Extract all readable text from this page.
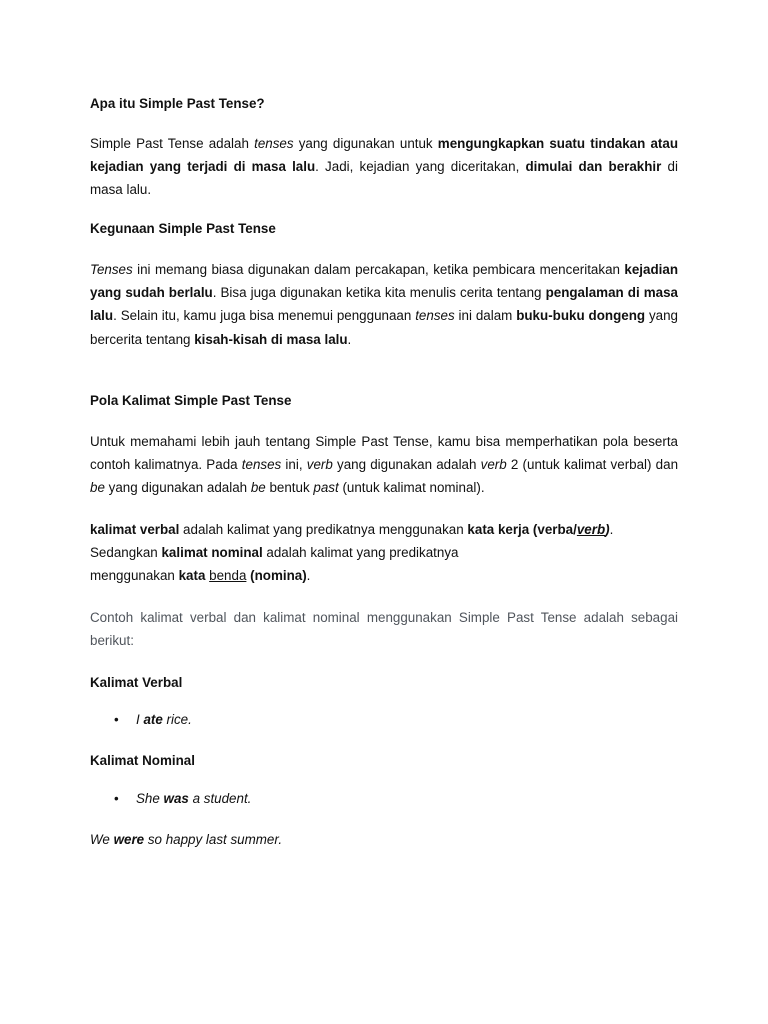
Apa itu Simple Past Tense?

Simple Past Tense adalah tenses yang digunakan untuk mengungkapkan suatu tindakan atau kejadian yang terjadi di masa lalu. Jadi, kejadian yang diceritakan, dimulai dan berakhir di masa lalu.

Kegunaan Simple Past Tense

Tenses ini memang biasa digunakan dalam percakapan, ketika pembicara menceritakan kejadian yang sudah berlalu. Bisa juga digunakan ketika kita menulis cerita tentang pengalaman di masa lalu. Selain itu, kamu juga bisa menemui penggunaan tenses ini dalam buku-buku dongeng yang bercerita tentang kisah-kisah di masa lalu.

Pola Kalimat Simple Past Tense

Untuk memahami lebih jauh tentang Simple Past Tense, kamu bisa memperhatikan pola beserta contoh kalimatnya. Pada tenses ini, verb yang digunakan adalah verb 2 (untuk kalimat verbal) dan be yang digunakan adalah be bentuk past (untuk kalimat nominal).

kalimat verbal adalah kalimat yang predikatnya menggunakan kata kerja (verba/verb).
Sedangkan kalimat nominal adalah kalimat yang predikatnya
menggunakan kata benda (nomina).

Contoh kalimat verbal dan kalimat nominal menggunakan Simple Past Tense adalah sebagai berikut:

Kalimat Verbal

• I ate rice.

Kalimat Nominal

• She was a student.

We were so happy last summer.
